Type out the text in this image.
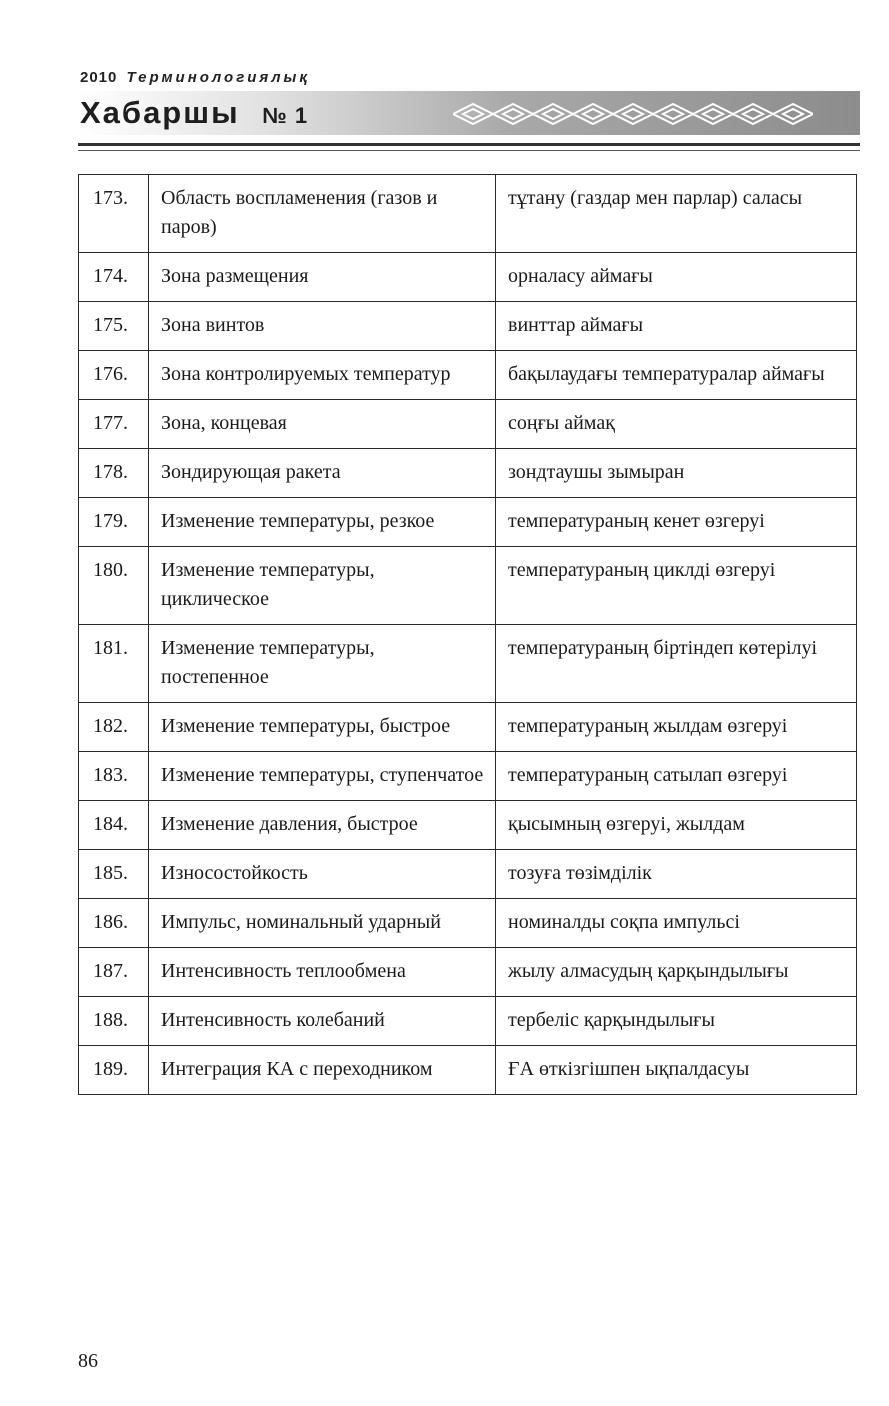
2010 Терминологиялық
Хабаршы № 1
173.	Область воспламенения (газов и паров)	тұтану (газдар мен парлар) саласы
174.	Зона размещения	орналасу аймағы
175.	Зона винтов	винттар аймағы
176.	Зона контролируемых температур	бақылаудағы температуралар аймағы
177.	Зона, концевая	соңғы аймақ
178.	Зондирующая ракета	зондтаушы зымыран
179.	Изменение температуры, резкое	температураның кенет өзгеруі
180.	Изменение температуры, циклическое	температураның циклді өзгеруі
181.	Изменение температуры, постепенное	температураның біртіндеп көтерілуі
182.	Изменение температуры, быстрое	температураның жылдам өзгеруі
183.	Изменение температуры, ступенчатое	температураның сатылап өзгеруі
184.	Изменение давления, быстрое	қысымның өзгеруі, жылдам
185.	Износостойкость	тозуға төзімділік
186.	Импульс, номинальный ударный	номиналды соқпа импульсі
187.	Интенсивность теплообмена	жылу алмасудың қарқындылығы
188.	Интенсивность колебаний	тербеліс қарқындылығы
189.	Интеграция КА с переходником	ҒА өткізгішпен ықпалдасуы
86
